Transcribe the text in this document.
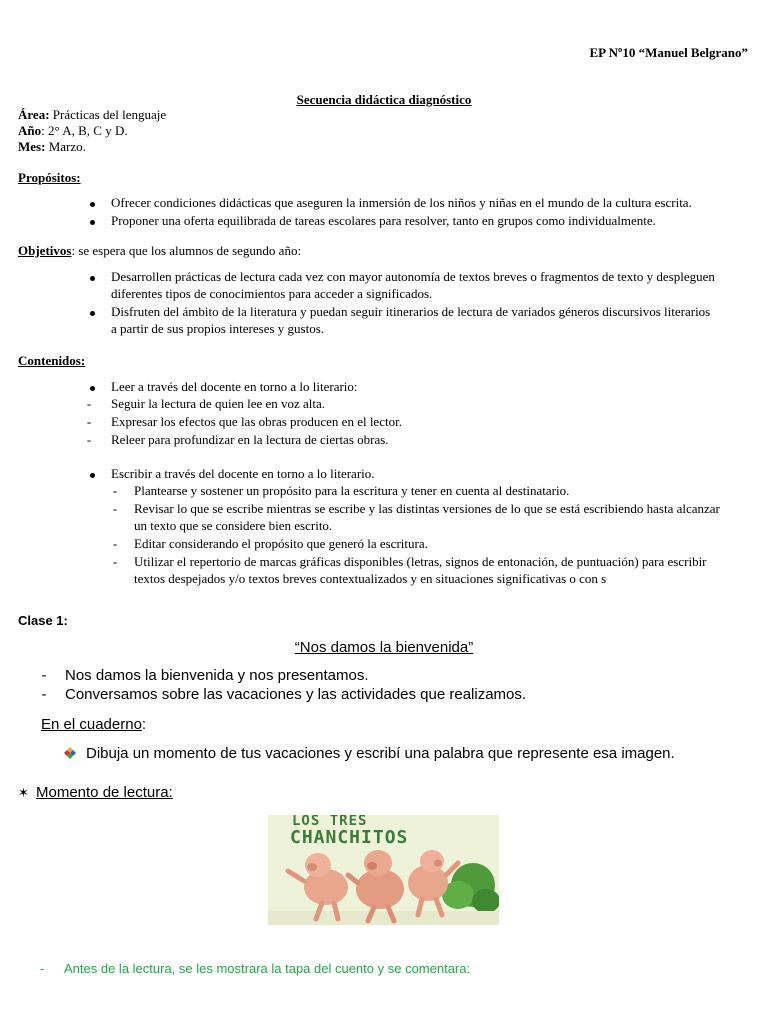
EP Nº10 “Manuel Belgrano”
Secuencia didáctica diagnóstico
Área: Prácticas del lenguaje
Año: 2° A, B, C y D.
Mes: Marzo.
Propósitos:
Ofrecer condiciones didácticas que aseguren la inmersión de los niños y niñas en el mundo de la cultura escrita.
Proponer una oferta equilibrada de tareas escolares para resolver, tanto en grupos como individualmente.
Objetivos: se espera que los alumnos de segundo año:
Desarrollen prácticas de lectura cada vez con mayor autonomía de textos breves o fragmentos de texto y despleguen diferentes tipos de conocimientos para acceder a significados.
Disfruten del ámbito de la literatura y puedan seguir itinerarios de lectura de variados géneros discursivos literarios a partir de sus propios intereses y gustos.
Contenidos:
Leer a través del docente en torno a lo literario:
- Seguir la lectura de quien lee en voz alta.
- Expresar los efectos que las obras producen en el lector.
- Releer para profundizar en la lectura de ciertas obras.
Escribir a través del docente en torno a lo literario.
- Plantearse y sostener un propósito para la escritura y tener en cuenta al destinatario.
- Revisar lo que se escribe mientras se escribe y las distintas versiones de lo que se está escribiendo hasta alcanzar un texto que se considere bien escrito.
- Editar considerando el propósito que generó la escritura.
- Utilizar el repertorio de marcas gráficas disponibles (letras, signos de entonación, de puntuación) para escribir textos despejados y/o textos breves contextualizados y en situaciones significativas o con s
Clase 1:
“Nos damos la bienvenida”
- Nos damos la bienvenida y nos presentamos.
- Conversamos sobre las vacaciones y las actividades que realizamos.
En el cuaderno:
Dibuja un momento de tus vacaciones y escribí una palabra que represente esa imagen.
✶ Momento de lectura:
LOS TRES
CHANCHITOS
- Antes de la lectura, se les mostrara la tapa del cuento y se comentara:
